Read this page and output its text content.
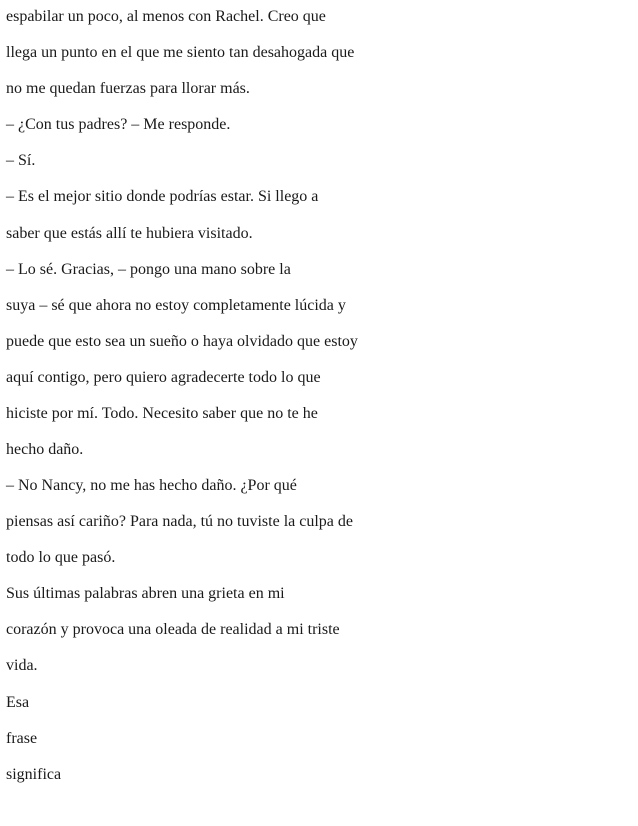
espabilar un poco, al menos con Rachel. Creo que
llega un punto en el que me siento tan desahogada que
no me quedan fuerzas para llorar más.
– ¿Con tus padres? – Me responde.
– Sí.
– Es el mejor sitio donde podrías estar. Si llego a
saber que estás allí te hubiera visitado.
– Lo sé. Gracias, – pongo una mano sobre la
suya – sé que ahora no estoy completamente lúcida y
puede que esto sea un sueño o haya olvidado que estoy
aquí contigo, pero quiero agradecerte todo lo que
hiciste por mí. Todo. Necesito saber que no te he
hecho daño.
– No Nancy, no me has hecho daño. ¿Por qué
piensas así cariño? Para nada, tú no tuviste la culpa de
todo lo que pasó.
Sus últimas palabras abren una grieta en mi
corazón y provoca una oleada de realidad a mi triste
vida.
Esa
frase
significa
